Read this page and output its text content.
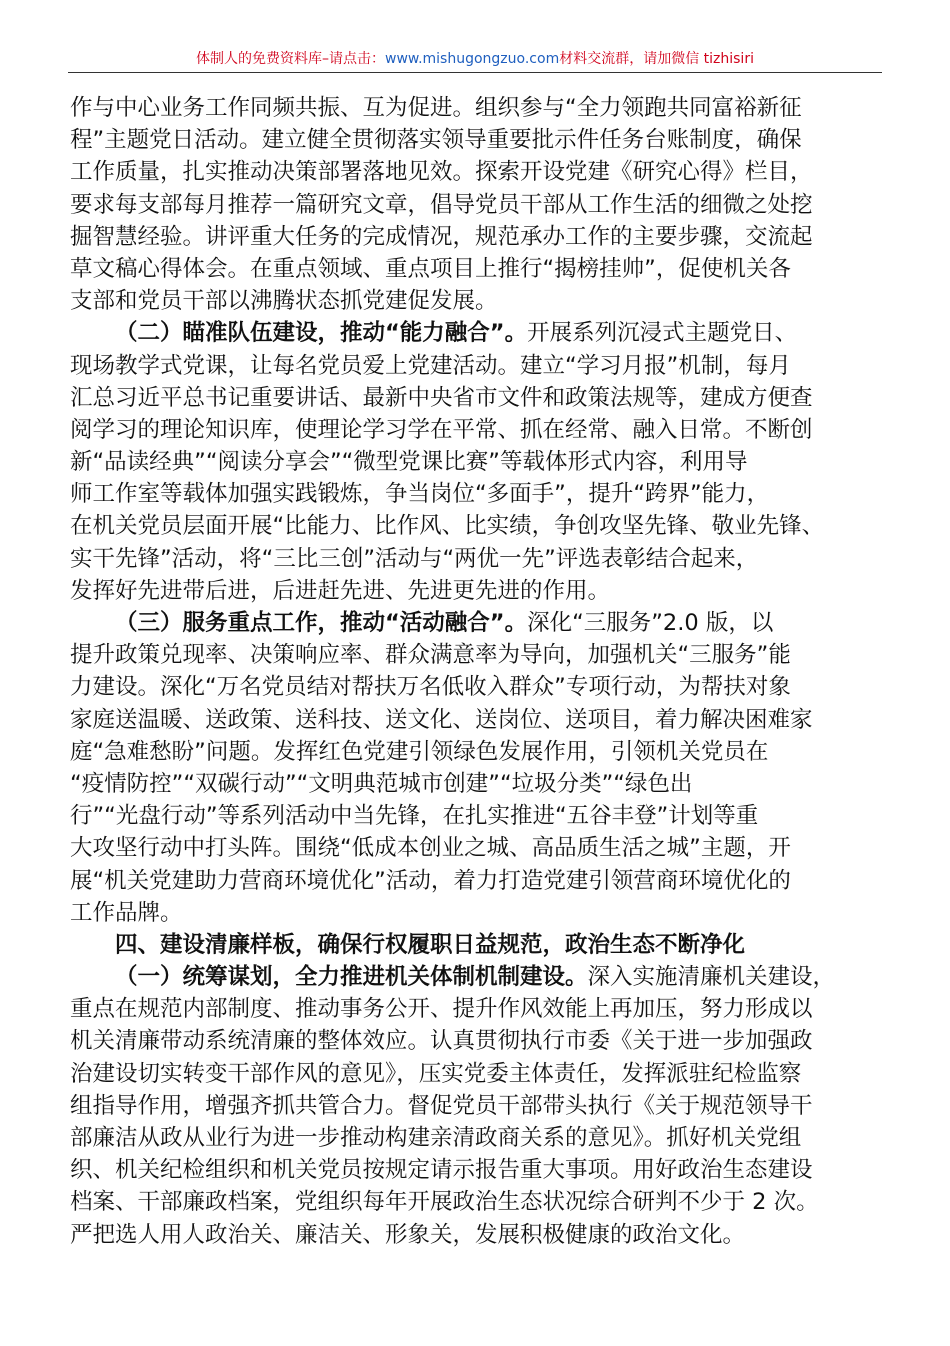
体制人的免费资料库–请点击：www.mishugongzuo.com材料交流群，请加微信 tizhisiri
作与中心业务工作同频共振、互为促进。组织参与“全力领跑共同富裕新征
程”主题党日活动。建立健全贯彻落实领导重要批示件任务台账制度，确保
工作质量，扎实推动决策部署落地见效。探索开设党建《研究心得》栏目，
要求每支部每月推荐一篇研究文章，倡导党员干部从工作生活的细微之处挖
掘智慧经验。讲评重大任务的完成情况，规范承办工作的主要步骤，交流起
草文稿心得体会。在重点领域、重点项目上推行“揭榜挂帅”，促使机关各
支部和党员干部以沸腾状态抓党建促发展。
（二）瞄准队伍建设，推动“能力融合”。开展系列沉浸式主题党日、
现场教学式党课，让每名党员爱上党建活动。建立“学习月报”机制，每月
汇总习近平总书记重要讲话、最新中央省市文件和政策法规等，建成方便查
阅学习的理论知识库，使理论学习学在平常、抓在经常、融入日常。不断创
新“品读经典”“阅读分享会”“微型党课比赛”等载体形式内容，利用导
师工作室等载体加强实践锻炼，争当岗位“多面手”，提升“跨界”能力，
在机关党员层面开展“比能力、比作风、比实绩，争创攻坚先锋、敬业先锋、
实干先锋”活动，将“三比三创”活动与“两优一先”评选表彰结合起来，
发挥好先进带后进，后进赶先进、先进更先进的作用。
（三）服务重点工作，推动“活动融合”。深化“三服务”2.0 版，以
提升政策兑现率、决策响应率、群众满意率为导向，加强机关“三服务”能
力建设。深化“万名党员结对帮扶万名低收入群众”专项行动，为帮扶对象
家庭送温暖、送政策、送科技、送文化、送岗位、送项目，着力解决困难家
庭“急难愁盼”问题。发挥红色党建引领绿色发展作用，引领机关党员在
“疫情防控”“双碳行动”“文明典范城市创建”“垃圾分类”“绿色出
行”“光盘行动”等系列活动中当先锋，在扎实推进“五谷丰登”计划等重
大攻坚行动中打头阵。围绕“低成本创业之城、高品质生活之城”主题，开
展“机关党建助力营商环境优化”活动，着力打造党建引领营商环境优化的
工作品牌。
四、建设清廉样板，确保行权履职日益规范，政治生态不断净化
（一）统筹谋划，全力推进机关体制机制建设。深入实施清廉机关建设，
重点在规范内部制度、推动事务公开、提升作风效能上再加压，努力形成以
机关清廉带动系统清廉的整体效应。认真贯彻执行市委《关于进一步加强政
治建设切实转变干部作风的意见》，压实党委主体责任，发挥派驻纪检监察
组指导作用，增强齐抓共管合力。督促党员干部带头执行《关于规范领导干
部廉洁从政从业行为进一步推动构建亲清政商关系的意见》。抓好机关党组
织、机关纪检组织和机关党员按规定请示报告重大事项。用好政治生态建设
档案、干部廉政档案，党组织每年开展政治生态状况综合研判不少于 2 次。
严把选人用人政治关、廉洁关、形象关，发展积极健康的政治文化。
